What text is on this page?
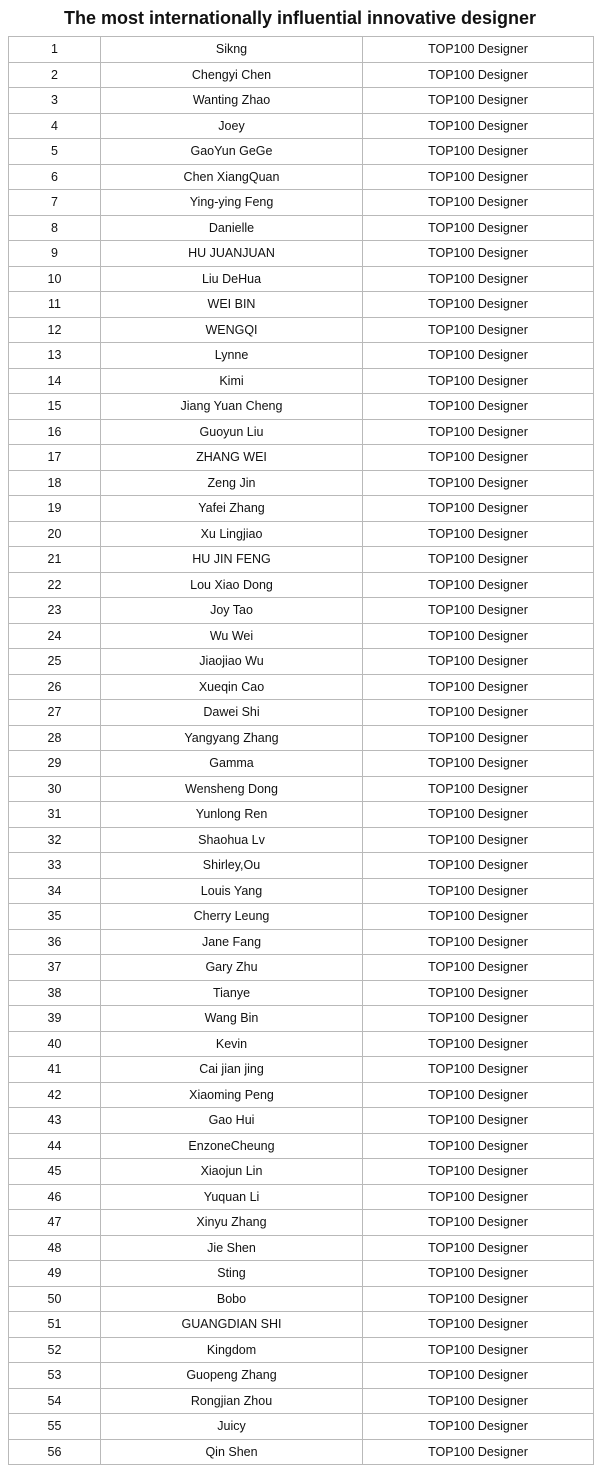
The most internationally influential innovative designer
1	Sikng	TOP100 Designer
2	Chengyi Chen	TOP100 Designer
3	Wanting Zhao	TOP100 Designer
4	Joey	TOP100 Designer
5	GaoYun GeGe	TOP100 Designer
6	Chen XiangQuan	TOP100 Designer
7	Ying-ying Feng	TOP100 Designer
8	Danielle	TOP100 Designer
9	HU JUANJUAN	TOP100 Designer
10	Liu DeHua	TOP100 Designer
11	WEI BIN	TOP100 Designer
12	WENGQI	TOP100 Designer
13	Lynne	TOP100 Designer
14	Kimi	TOP100 Designer
15	Jiang Yuan Cheng	TOP100 Designer
16	Guoyun Liu	TOP100 Designer
17	ZHANG WEI	TOP100 Designer
18	Zeng Jin	TOP100 Designer
19	Yafei Zhang	TOP100 Designer
20	Xu Lingjiao	TOP100 Designer
21	HU JIN FENG	TOP100 Designer
22	Lou Xiao Dong	TOP100 Designer
23	Joy Tao	TOP100 Designer
24	Wu Wei	TOP100 Designer
25	Jiaojiao Wu	TOP100 Designer
26	Xueqin Cao	TOP100 Designer
27	Dawei Shi	TOP100 Designer
28	Yangyang Zhang	TOP100 Designer
29	Gamma	TOP100 Designer
30	Wensheng Dong	TOP100 Designer
31	Yunlong Ren	TOP100 Designer
32	Shaohua Lv	TOP100 Designer
33	Shirley,Ou	TOP100 Designer
34	Louis Yang	TOP100 Designer
35	Cherry Leung	TOP100 Designer
36	Jane Fang	TOP100 Designer
37	Gary Zhu	TOP100 Designer
38	Tianye	TOP100 Designer
39	Wang Bin	TOP100 Designer
40	Kevin	TOP100 Designer
41	Cai jian jing	TOP100 Designer
42	Xiaoming Peng	TOP100 Designer
43	Gao Hui	TOP100 Designer
44	EnzoneCheung	TOP100 Designer
45	Xiaojun Lin	TOP100 Designer
46	Yuquan Li	TOP100 Designer
47	Xinyu Zhang	TOP100 Designer
48	Jie Shen	TOP100 Designer
49	Sting	TOP100 Designer
50	Bobo	TOP100 Designer
51	GUANGDIAN SHI	TOP100 Designer
52	Kingdom	TOP100 Designer
53	Guopeng Zhang	TOP100 Designer
54	Rongjian Zhou	TOP100 Designer
55	Juicy	TOP100 Designer
56	Qin Shen	TOP100 Designer
